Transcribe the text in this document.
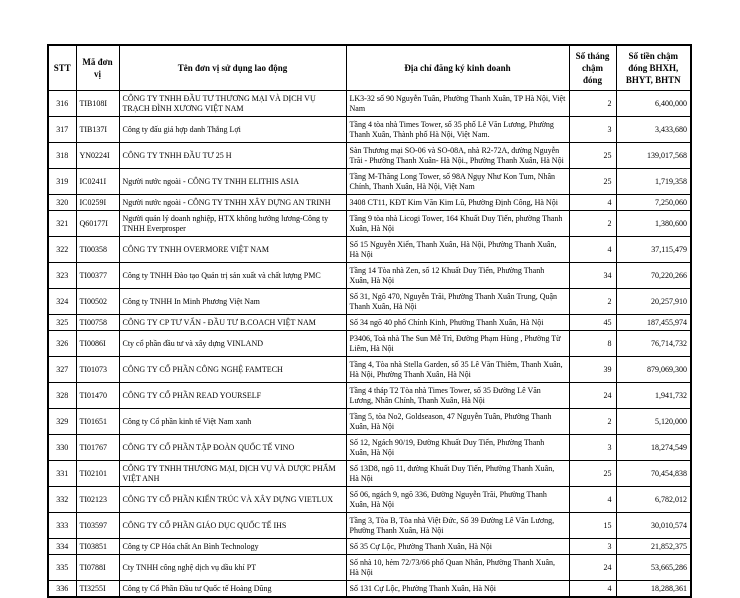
STT	Mã đơn vị	Tên đơn vị sử dụng lao động	Địa chỉ đăng ký kinh doanh	Số tháng chậm đóng	Số tiền chậm đóng BHXH, BHYT, BHTN
316	TIB108I	CÔNG TY TNHH ĐẦU TƯ THƯƠNG MẠI VÀ DỊCH VỤ TRẠCH ĐÌNH XƯƠNG VIỆT NAM	LK3-32 số 90 Nguyễn Tuân, Phường Thanh Xuân, TP Hà Nội, Việt Nam	2	6,400,000
317	TIB137I	Công ty đấu giá hợp danh Thắng Lợi	Tầng 4 tòa nhà Times Tower, số 35 phố Lê Văn Lương, Phường Thanh Xuân, Thành phố Hà Nội, Việt Nam.	3	3,433,680
318	YN0224I	CÔNG TY TNHH ĐẦU TƯ 25 H	Sàn Thương mại SO-06 và SO-08A, nhà R2-72A, đường Nguyễn Trãi - Phường Thanh Xuân- Hà Nội., Phường Thanh Xuân, Hà Nội	25	139,017,568
319	IC0241I	Người nước ngoài - CÔNG TY TNHH ELITHIS ASIA	Tầng M-Thăng Long Tower, số 98A Ngụy Như Kon Tum, Nhân Chính, Thanh Xuân, Hà Nội, Việt Nam	25	1,719,358
320	IC0259I	Người nước ngoài - CÔNG TY TNHH XÂY DỰNG AN TRINH	3408 CT11, KĐT Kim Văn Kim Lũ, Phường Định Công, Hà Nội	4	7,250,060
321	Q60177I	Người quản lý doanh nghiệp, HTX không hưởng lương-Công ty TNHH Everprosper	Tầng 9 tòa nhà Licogi Tower, 164 Khuất Duy Tiến, phường Thanh Xuân, Hà Nội	2	1,380,600
322	TI00358	CÔNG TY TNHH OVERMORE VIỆT NAM	Số 15 Nguyễn Xiển, Thanh Xuân, Hà Nội, Phường Thanh Xuân, Hà Nội	4	37,115,479
323	TI00377	Công ty TNHH Đào tạo Quản trị sản xuất và chất lượng PMC	Tầng 14 Tòa nhà Zen, số 12 Khuất Duy Tiến, Phường Thanh Xuân, Hà Nội	34	70,220,266
324	TI00502	Công ty TNHH In Minh Phương Việt Nam	Số 31, Ngõ 470, Nguyễn Trãi, Phường Thanh Xuân Trung, Quận Thanh Xuân, Hà Nội	2	20,257,910
325	TI00758	CÔNG TY CP TƯ VẤN - ĐẦU TƯ B.COACH VIỆT NAM	Số 34 ngõ 40 phố Chính Kinh, Phường Thanh Xuân, Hà Nội	45	187,455,974
326	TI0086I	Cty cổ phần đầu tư và xây dựng VINLAND	P3406, Toà nhà The Sun Mễ Trì, Đường Phạm Hùng , Phường Từ Liêm, Hà Nội	8	76,714,732
327	TI01073	CÔNG TY CỔ PHẦN CÔNG NGHỆ FAMTECH	Tầng 4, Tòa nhà Stella Garden, số 35 Lê Văn Thiêm, Thanh Xuân, Hà Nội, Phường Thanh Xuân, Hà Nội	39	879,069,300
328	TI01470	CÔNG TY CỔ PHẦN READ YOURSELF	Tầng 4 tháp T2 Tòa nhà Times Tower, số 35 Đường Lê Văn Lương, Nhân Chính, Thanh Xuân, Hà Nội	24	1,941,732
329	TI01651	Công ty Cổ phần kinh tế Việt Nam xanh	Tầng 5, tòa No2, Goldseason, 47 Nguyễn Tuân, Phường Thanh Xuân, Hà Nội	2	5,120,000
330	TI01767	CÔNG TY CỔ PHẦN TẬP ĐOÀN QUỐC TẾ VINO	Số 12, Ngách 90/19, Đường Khuất Duy Tiến, Phường Thanh Xuân, Hà Nội	3	18,274,549
331	TI02101	CÔNG TY TNHH THƯƠNG MẠI, DỊCH VỤ VÀ DƯỢC PHẨM VIỆT ANH	Số 13D8, ngõ 11, đường Khuất Duy Tiến, Phường Thanh Xuân, Hà Nội	25	70,454,838
332	TI02123	CÔNG TY CỔ PHẦN KIẾN TRÚC VÀ XÂY DỰNG VIETLUX	Số 06, ngách 9, ngõ 336, Đường Nguyễn Trãi, Phường Thanh Xuân, Hà Nội	4	6,782,012
333	TI03597	CÔNG TY CỔ PHẦN GIÁO DỤC QUỐC TẾ IHS	Tầng 3, Tòa B, Tòa nhà Việt Đức, Số 39 Đường Lê Văn Lương, Phường Thanh Xuân, Hà Nội	15	30,010,574
334	TI03851	Công ty CP Hóa chất An Bình Technology	Số 35 Cự Lộc, Phường Thanh Xuân, Hà Nội	3	21,852,375
335	TI0788I	Cty TNHH công nghệ dịch vụ dầu khí PT	Số nhà 10, hẻm 72/73/66 phố Quan Nhân, Phường Thanh Xuân, Hà Nội	24	53,665,286
336	TI3255I	Công ty Cổ Phần Đầu tư Quốc tế Hoàng Dũng	Số 131 Cự Lộc, Phường Thanh Xuân, Hà Nội	4	18,288,361
